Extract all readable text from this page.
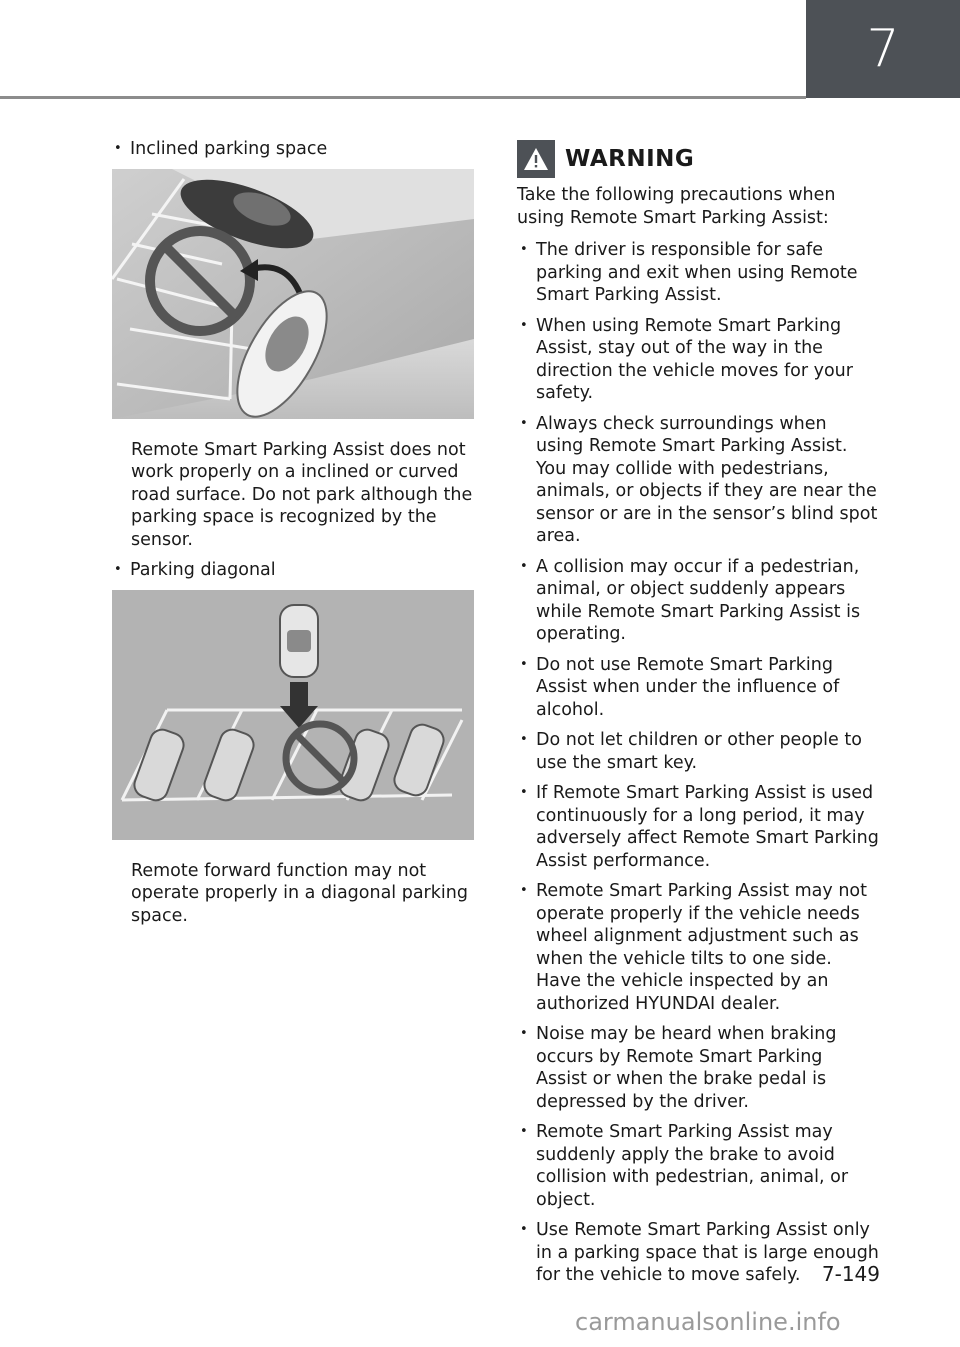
7
• Inclined parking space
Remote Smart Parking Assist does not work properly on a inclined or curved road surface. Do not park although the parking space is recognized by the sensor.
• Parking diagonal
Remote forward function may not operate properly in a diagonal parking space.
WARNING
Take the following precautions when using Remote Smart Parking Assist:
• The driver is responsible for safe parking and exit when using Remote Smart Parking Assist.
• When using Remote Smart Parking Assist, stay out of the way in the direction the vehicle moves for your safety.
• Always check surroundings when using Remote Smart Parking Assist. You may collide with pedestrians, animals, or objects if they are near the sensor or are in the sensor’s blind spot area.
• A collision may occur if a pedestrian, animal, or object suddenly appears while Remote Smart Parking Assist is operating.
• Do not use Remote Smart Parking Assist when under the influence of alcohol.
• Do not let children or other people to use the smart key.
• If Remote Smart Parking Assist is used continuously for a long period, it may adversely affect Remote Smart Parking Assist performance.
• Remote Smart Parking Assist may not operate properly if the vehicle needs wheel alignment adjustment such as when the vehicle tilts to one side. Have the vehicle inspected by an authorized HYUNDAI dealer.
• Noise may be heard when braking occurs by Remote Smart Parking Assist or when the brake pedal is depressed by the driver.
• Remote Smart Parking Assist may suddenly apply the brake to avoid collision with pedestrian, animal, or object.
• Use Remote Smart Parking Assist only in a parking space that is large enough for the vehicle to move safely.	7-149
carmanualsonline.info
